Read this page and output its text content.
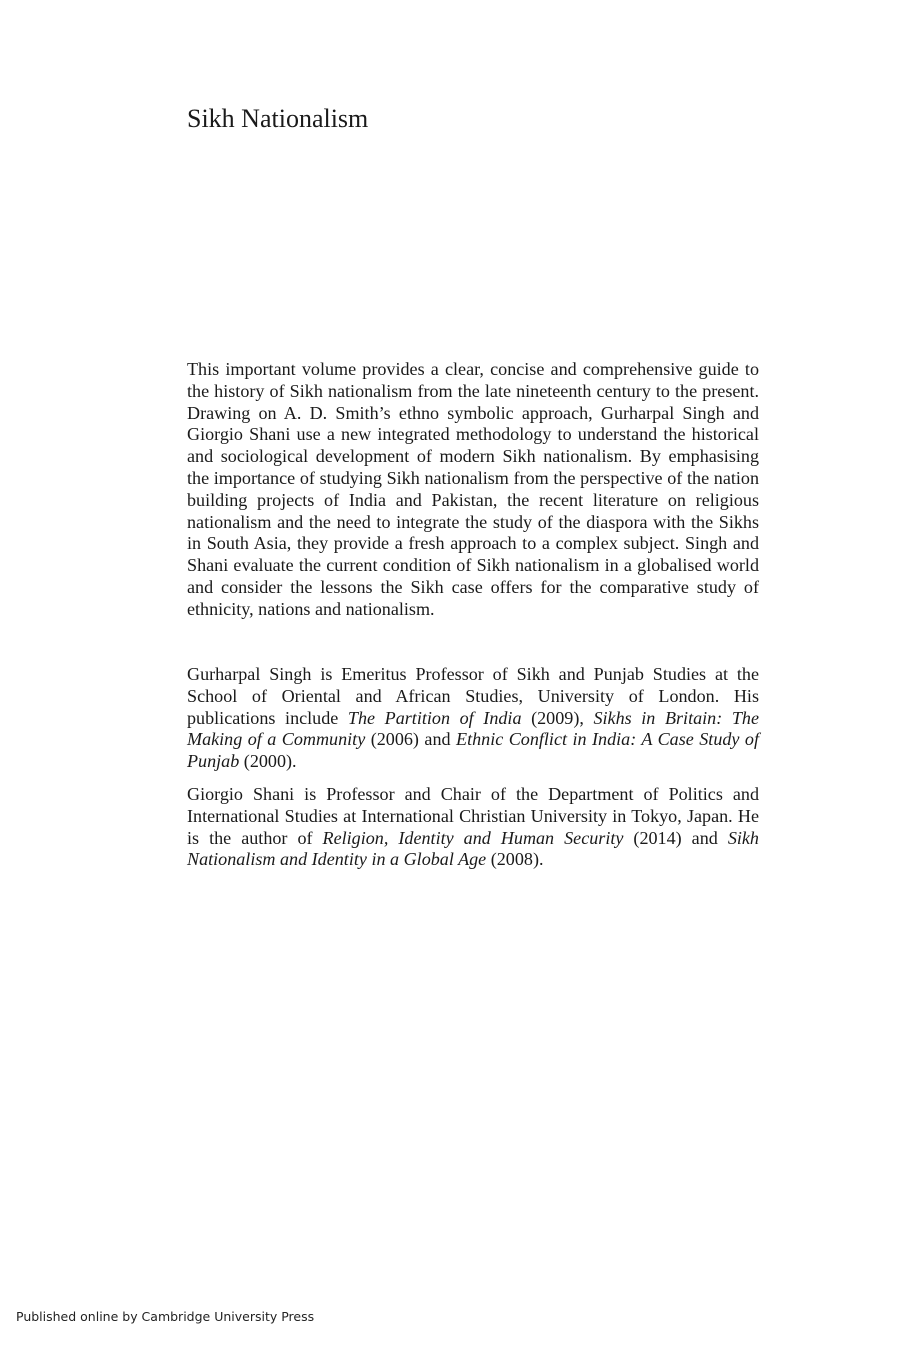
Sikh Nationalism

This important volume provides a clear, concise and comprehensive guide to the history of Sikh nationalism from the late nineteenth century to the present. Drawing on A. D. Smith’s ethno symbolic approach, Gurharpal Singh and Giorgio Shani use a new integrated methodology to understand the historical and sociological development of modern Sikh nationalism. By emphasising the importance of studying Sikh nationalism from the perspective of the nation building projects of India and Pakistan, the recent literature on religious nationalism and the need to integrate the study of the diaspora with the Sikhs in South Asia, they provide a fresh approach to a complex subject. Singh and Shani evaluate the current condition of Sikh nationalism in a globalised world and consider the lessons the Sikh case offers for the comparative study of ethnicity, nations and nationalism.

Gurharpal Singh is Emeritus Professor of Sikh and Punjab Studies at the School of Oriental and African Studies, University of London. His publications include The Partition of India (2009), Sikhs in Britain: The Making of a Community (2006) and Ethnic Conflict in India: A Case Study of Punjab (2000).

Giorgio Shani is Professor and Chair of the Department of Politics and International Studies at International Christian University in Tokyo, Japan. He is the author of Religion, Identity and Human Security (2014) and Sikh Nationalism and Identity in a Global Age (2008).

Published online by Cambridge University Press
